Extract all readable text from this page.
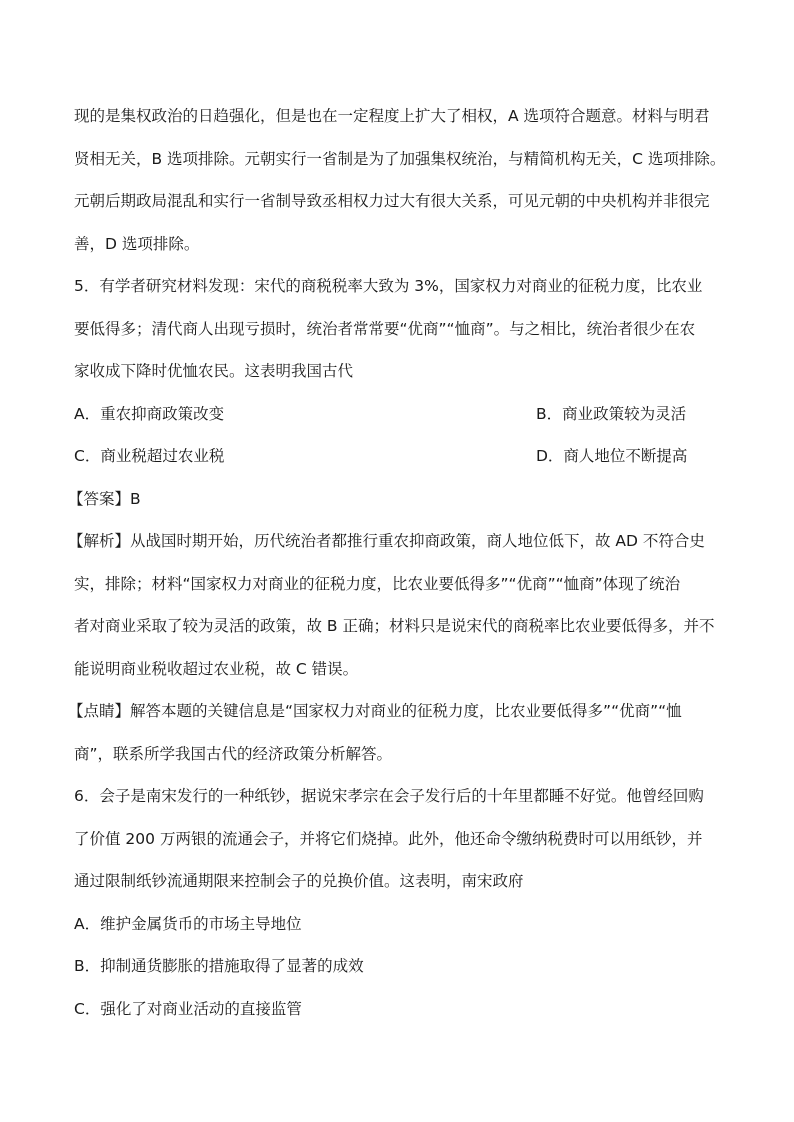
现的是集权政治的日趋强化，但是也在一定程度上扩大了相权，A 选项符合题意。材料与明君

贤相无关，B 选项排除。元朝实行一省制是为了加强集权统治，与精简机构无关，C 选项排除。

元朝后期政局混乱和实行一省制导致丞相权力过大有很大关系，可见元朝的中央机构并非很完

善，D 选项排除。

5．有学者研究材料发现：宋代的商税税率大致为 3%，国家权力对商业的征税力度，比农业

要低得多；清代商人出现亏损时，统治者常常要“优商”“恤商”。与之相比，统治者很少在农

家收成下降时优恤农民。这表明我国古代

A．重农抑商政策改变	B．商业政策较为灵活

C．商业税超过农业税	D．商人地位不断提高

【答案】B

【解析】从战国时期开始，历代统治者都推行重农抑商政策，商人地位低下，故 AD 不符合史

实，排除；材料“国家权力对商业的征税力度，比农业要低得多”“优商”“恤商”体现了统治

者对商业采取了较为灵活的政策，故 B 正确；材料只是说宋代的商税率比农业要低得多，并不

能说明商业税收超过农业税，故 C 错误。

【点睛】解答本题的关键信息是“国家权力对商业的征税力度，比农业要低得多”“优商”“恤

商”，联系所学我国古代的经济政策分析解答。

6．会子是南宋发行的一种纸钞，据说宋孝宗在会子发行后的十年里都睡不好觉。他曾经回购

了价值 200 万两银的流通会子，并将它们烧掉。此外，他还命令缴纳税费时可以用纸钞，并

通过限制纸钞流通期限来控制会子的兑换价值。这表明，南宋政府

A．维护金属货币的市场主导地位

B．抑制通货膨胀的措施取得了显著的成效

C．强化了对商业活动的直接监管
